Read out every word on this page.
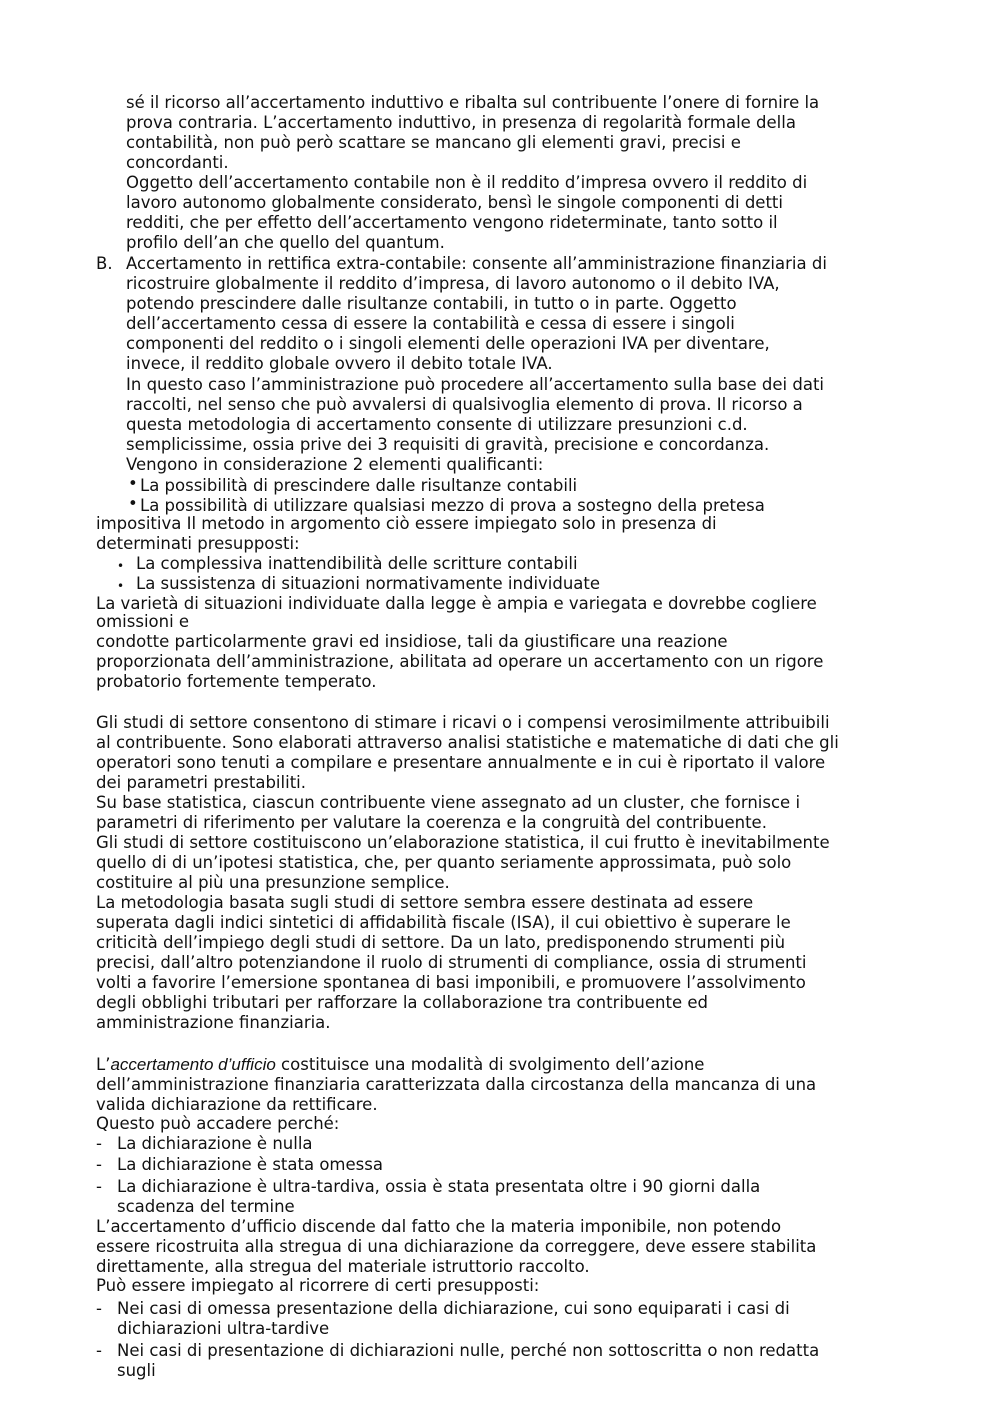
sé il ricorso all’accertamento induttivo e ribalta sul contribuente l’onere di fornire la
prova contraria. L’accertamento induttivo, in presenza di regolarità formale della
contabilità, non può però scattare se mancano gli elementi gravi, precisi e
concordanti.
Oggetto dell’accertamento contabile non è il reddito d’impresa ovvero il reddito di
lavoro autonomo globalmente considerato, bensì le singole componenti di detti
redditi, che per effetto dell’accertamento vengono rideterminate, tanto sotto il
profilo dell’an che quello del quantum.
B. Accertamento in rettifica extra-contabile: consente all’amministrazione finanziaria di
ricostruire globalmente il reddito d’impresa, di lavoro autonomo o il debito IVA,
potendo prescindere dalle risultanze contabili, in tutto o in parte. Oggetto
dell’accertamento cessa di essere la contabilità e cessa di essere i singoli
componenti del reddito o i singoli elementi delle operazioni IVA per diventare,
invece, il reddito globale ovvero il debito totale IVA.
In questo caso l’amministrazione può procedere all’accertamento sulla base dei dati
raccolti, nel senso che può avvalersi di qualsivoglia elemento di prova. Il ricorso a
questa metodologia di accertamento consente di utilizzare presunzioni c.d.
semplicissime, ossia prive dei 3 requisiti di gravità, precisione e concordanza.
Vengono in considerazione 2 elementi qualificanti:
• La possibilità di prescindere dalle risultanze contabili
• La possibilità di utilizzare qualsiasi mezzo di prova a sostegno della pretesa
impositiva Il metodo in argomento ciò essere impiegato solo in presenza di
determinati presupposti:
• La complessiva inattendibilità delle scritture contabili
• La sussistenza di situazioni normativamente individuate
La varietà di situazioni individuate dalla legge è ampia e variegata e dovrebbe cogliere
omissioni e
condotte particolarmente gravi ed insidiose, tali da giustificare una reazione
proporzionata dell’amministrazione, abilitata ad operare un accertamento con un rigore
probatorio fortemente temperato.
Gli studi di settore consentono di stimare i ricavi o i compensi verosimilmente attribuibili
al contribuente. Sono elaborati attraverso analisi statistiche e matematiche di dati che gli
operatori sono tenuti a compilare e presentare annualmente e in cui è riportato il valore
dei parametri prestabiliti.
Su base statistica, ciascun contribuente viene assegnato ad un cluster, che fornisce i
parametri di riferimento per valutare la coerenza e la congruità del contribuente.
Gli studi di settore costituiscono un’elaborazione statistica, il cui frutto è inevitabilmente
quello di di un’ipotesi statistica, che, per quanto seriamente approssimata, può solo
costituire al più una presunzione semplice.
La metodologia basata sugli studi di settore sembra essere destinata ad essere
superata dagli indici sintetici di affidabilità fiscale (ISA), il cui obiettivo è superare le
criticità dell’impiego degli studi di settore. Da un lato, predisponendo strumenti più
precisi, dall’altro potenziandone il ruolo di strumenti di compliance, ossia di strumenti
volti a favorire l’emersione spontanea di basi imponibili, e promuovere l’assolvimento
degli obblighi tributari per rafforzare la collaborazione tra contribuente ed
amministrazione finanziaria.
L’accertamento d’ufficio costituisce una modalità di svolgimento dell’azione
dell’amministrazione finanziaria caratterizzata dalla circostanza della mancanza di una
valida dichiarazione da rettificare.
Questo può accadere perché:
- La dichiarazione è nulla
- La dichiarazione è stata omessa
- La dichiarazione è ultra-tardiva, ossia è stata presentata oltre i 90 giorni dalla
scadenza del termine
L’accertamento d’ufficio discende dal fatto che la materia imponibile, non potendo
essere ricostruita alla stregua di una dichiarazione da correggere, deve essere stabilita
direttamente, alla stregua del materiale istruttorio raccolto.
Può essere impiegato al ricorrere di certi presupposti:
- Nei casi di omessa presentazione della dichiarazione, cui sono equiparati i casi di
dichiarazioni ultra-tardive
- Nei casi di presentazione di dichiarazioni nulle, perché non sottoscritta o non redatta
sugli
